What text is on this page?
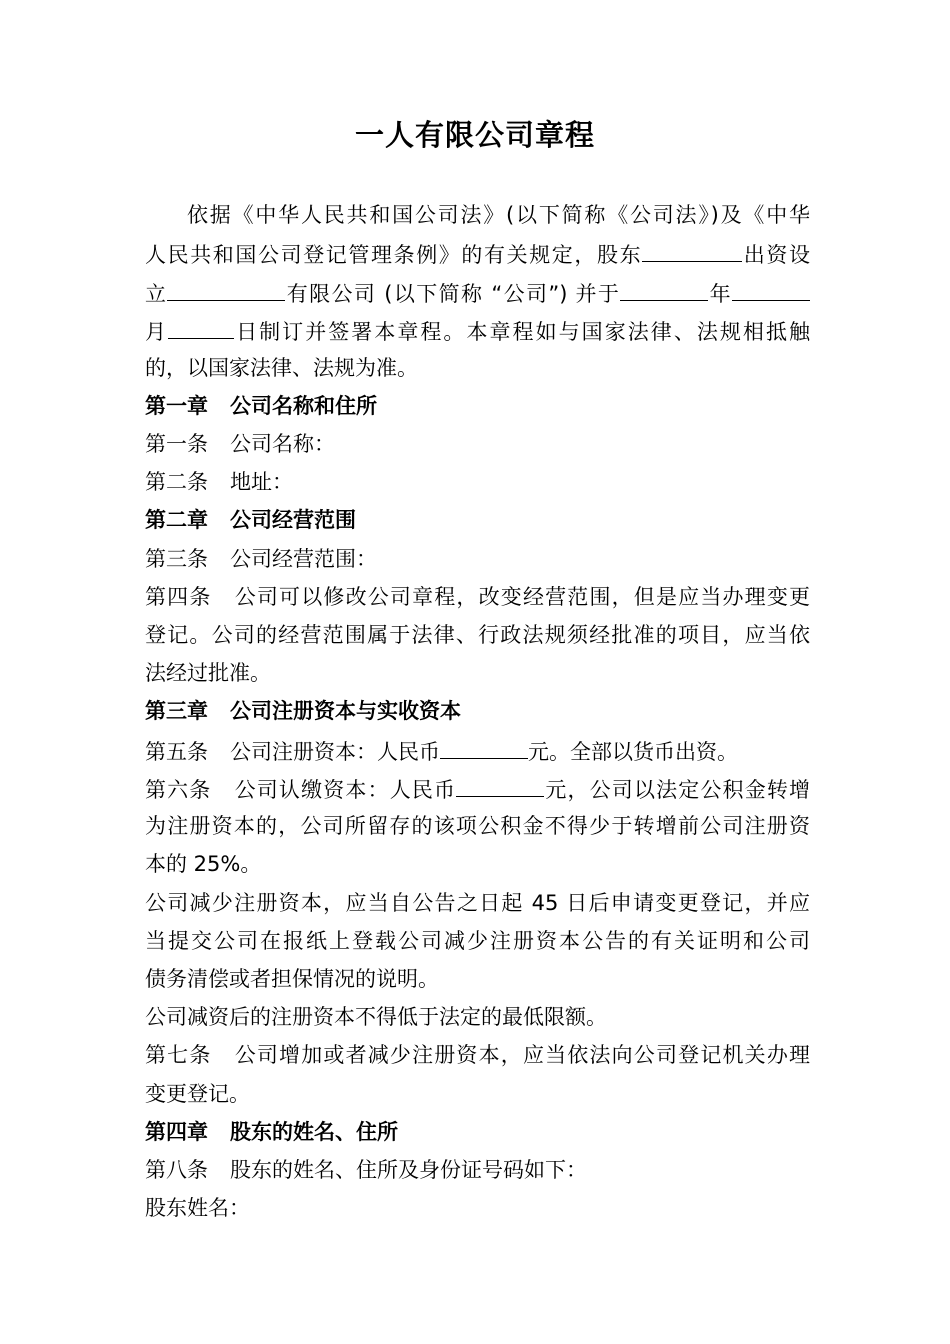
一人有限公司章程
依据《中华人民共和国公司法》(以下简称《公司法》)及《中华
人民共和国公司登记管理条例》的有关规定，股东	出资设
立	有限公司 (以下简称 “公司”) 并于	年
月	日制订并签署本章程。本章程如与国家法律、法规相抵触
的，以国家法律、法规为准。
第一章 公司名称和住所
第一条 公司名称：
第二条 地址：
第二章 公司经营范围
第三条 公司经营范围：
第四条 公司可以修改公司章程，改变经营范围，但是应当办理变更
登记。公司的经营范围属于法律、行政法规须经批准的项目，应当依
法经过批准。
第三章 公司注册资本与实收资本
第五条 公司注册资本：人民币	元。全部以货币出资。
第六条 公司认缴资本：人民币	元，公司以法定公积金转增
为注册资本的，公司所留存的该项公积金不得少于转增前公司注册资
本的 25%。
公司减少注册资本，应当自公告之日起 45 日后申请变更登记，并应
当提交公司在报纸上登载公司减少注册资本公告的有关证明和公司
债务清偿或者担保情况的说明。
公司减资后的注册资本不得低于法定的最低限额。
第七条 公司增加或者减少注册资本，应当依法向公司登记机关办理
变更登记。
第四章 股东的姓名、住所
第八条 股东的姓名、住所及身份证号码如下：
股东姓名：
